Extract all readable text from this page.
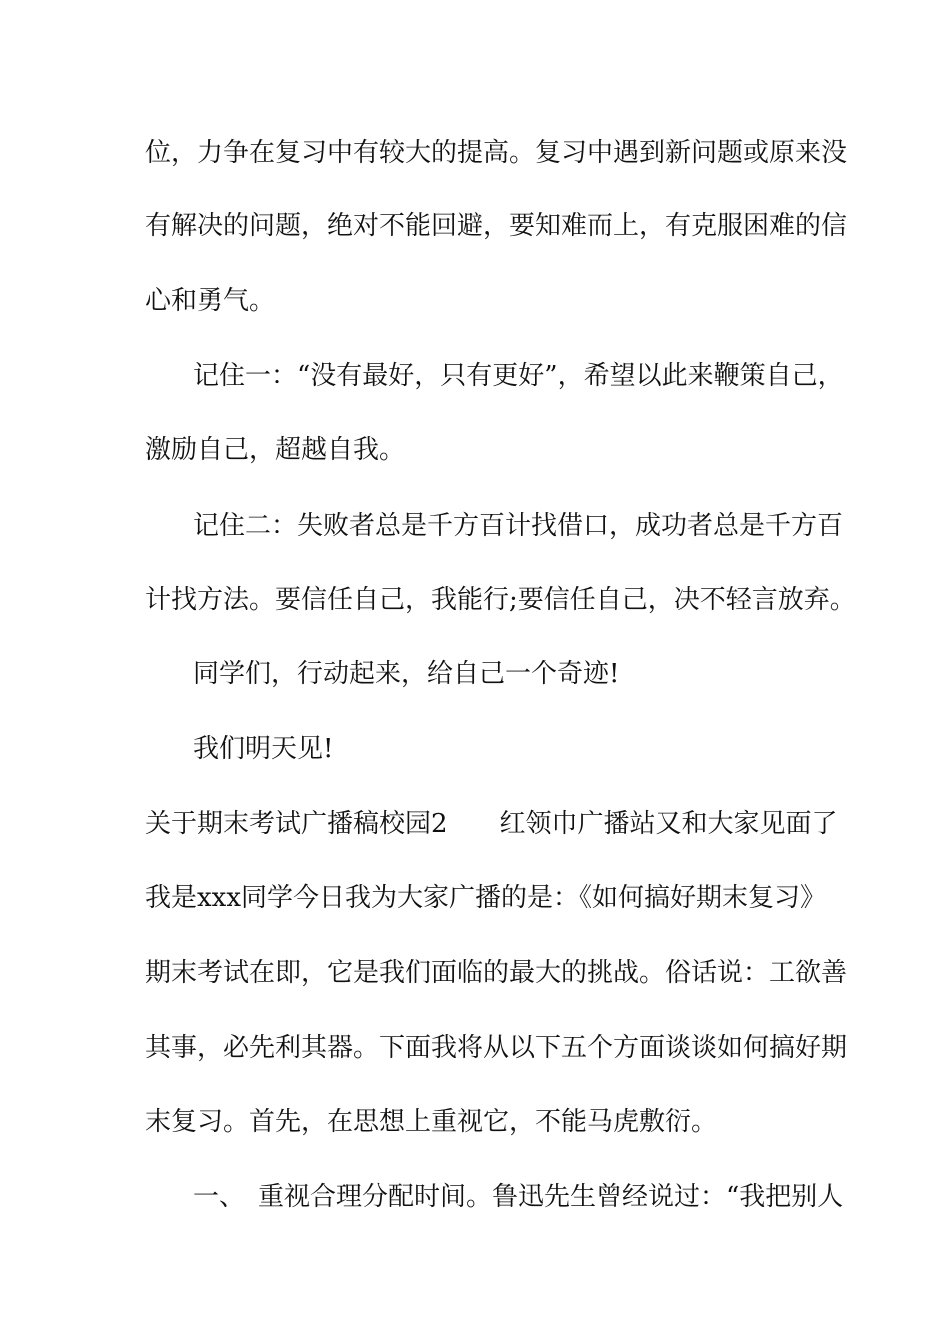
位，力争在复习中有较大的提高。复习中遇到新问题或原来没
有解决的问题，绝对不能回避，要知难而上，有克服困难的信
心和勇气。
记住一：“没有最好，只有更好”，希望以此来鞭策自己，
激励自己，超越自我。
记住二：失败者总是千方百计找借口，成功者总是千方百
计找方法。要信任自己，我能行;要信任自己，决不轻言放弃。
同学们，行动起来，给自己一个奇迹!
我们明天见!
关于期末考试广播稿校园2　　红领巾广播站又和大家见面了
我是xxx同学今日我为大家广播的是：《如何搞好期末复习》
期末考试在即，它是我们面临的最大的挑战。俗话说：工欲善
其事，必先利其器。下面我将从以下五个方面谈谈如何搞好期
末复习。首先，在思想上重视它，不能马虎敷衍。
一、　重视合理分配时间。鲁迅先生曾经说过：“我把别人
